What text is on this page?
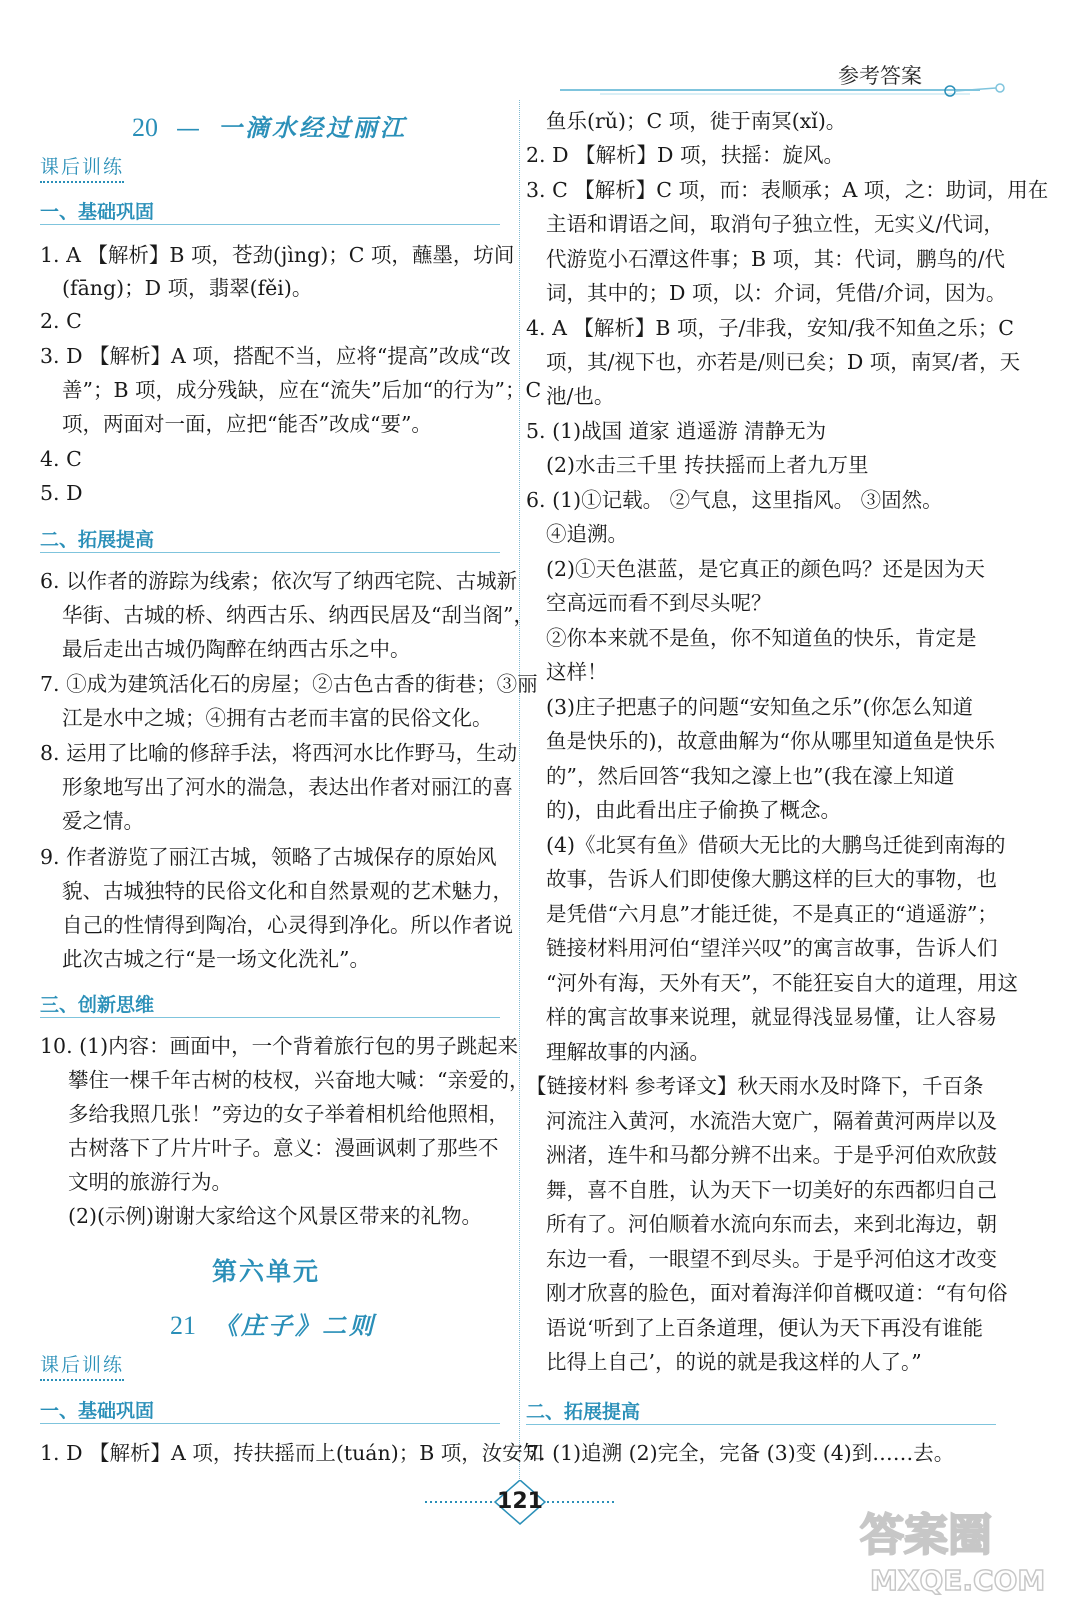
参考答案
20 — 一滴水经过丽江
课后训练
一、基础巩固
1. A 【解析】B 项，苍劲(jìng)；C 项，蘸墨，坊间
(fāng)；D 项，翡翠(fěi)。
2. C
3. D 【解析】A 项，搭配不当，应将“提高”改成“改
善”；B 项，成分残缺，应在“流失”后加“的行为”；C
项，两面对一面，应把“能否”改成“要”。
4. C
5. D
二、拓展提高
6. 以作者的游踪为线索；依次写了纳西宅院、古城新
华街、古城的桥、纳西古乐、纳西民居及“刮当阁”，
最后走出古城仍陶醉在纳西古乐之中。
7. ①成为建筑活化石的房屋；②古色古香的街巷；③丽
江是水中之城；④拥有古老而丰富的民俗文化。
8. 运用了比喻的修辞手法，将西河水比作野马，生动
形象地写出了河水的湍急，表达出作者对丽江的喜
爱之情。
9. 作者游览了丽江古城，领略了古城保存的原始风
貌、古城独特的民俗文化和自然景观的艺术魅力，
自己的性情得到陶冶，心灵得到净化。所以作者说
此次古城之行“是一场文化洗礼”。
三、创新思维
10. (1)内容：画面中，一个背着旅行包的男子跳起来
攀住一棵千年古树的枝杈，兴奋地大喊：“亲爱的，
多给我照几张！”旁边的女子举着相机给他照相，
古树落下了片片叶子。意义：漫画讽刺了那些不
文明的旅游行为。
(2)(示例)谢谢大家给这个风景区带来的礼物。
第六单元
21 《庄子》二则
课后训练
一、基础巩固
1. D 【解析】A 项，抟扶摇而上(tuán)；B 项，汝安知
鱼乐(rǔ)；C 项，徙于南冥(xǐ)。
2. D 【解析】D 项，扶摇：旋风。
3. C 【解析】C 项，而：表顺承；A 项，之：助词，用在
主语和谓语之间，取消句子独立性，无实义/代词，
代游览小石潭这件事；B 项，其：代词，鹏鸟的/代
词，其中的；D 项，以：介词，凭借/介词，因为。
4. A 【解析】B 项，子/非我，安知/我不知鱼之乐；C
项，其/视下也，亦若是/则已矣；D 项，南冥/者，天
池/也。
5. (1)战国 道家 逍遥游 清静无为
(2)水击三千里 抟扶摇而上者九万里
6. (1)①记载。 ②气息，这里指风。 ③固然。
④追溯。
(2)①天色湛蓝，是它真正的颜色吗？还是因为天
空高远而看不到尽头呢？
②你本来就不是鱼，你不知道鱼的快乐，肯定是
这样！
(3)庄子把惠子的问题“安知鱼之乐”(你怎么知道
鱼是快乐的)，故意曲解为“你从哪里知道鱼是快乐
的”，然后回答“我知之濠上也”(我在濠上知道
的)，由此看出庄子偷换了概念。
(4)《北冥有鱼》借硕大无比的大鹏鸟迁徙到南海的
故事，告诉人们即使像大鹏这样的巨大的事物，也
是凭借“六月息”才能迁徙，不是真正的“逍遥游”；
链接材料用河伯“望洋兴叹”的寓言故事，告诉人们
“河外有海，天外有天”，不能狂妄自大的道理，用这
样的寓言故事来说理，就显得浅显易懂，让人容易
理解故事的内涵。
【链接材料 参考译文】秋天雨水及时降下，千百条
河流注入黄河，水流浩大宽广，隔着黄河两岸以及
洲渚，连牛和马都分辨不出来。于是乎河伯欢欣鼓
舞，喜不自胜，认为天下一切美好的东西都归自己
所有了。河伯顺着水流向东而去，来到北海边，朝
东边一看，一眼望不到尽头。于是乎河伯这才改变
刚才欣喜的脸色，面对着海洋仰首概叹道：“有句俗
语说‘听到了上百条道理，便认为天下再没有谁能
比得上自己’，的说的就是我这样的人了。”
二、拓展提高
7. (1)追溯 (2)完全，完备 (3)变 (4)到……去。
121
答案圈
MXQE.COM
